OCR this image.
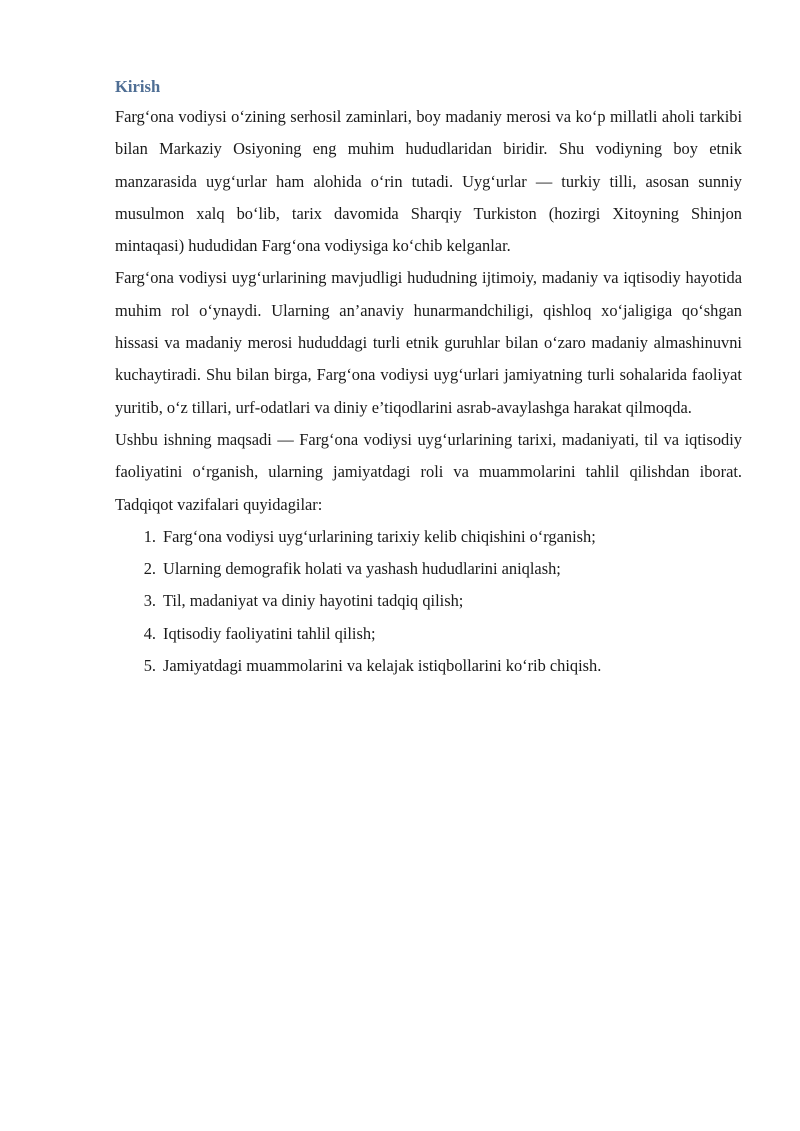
Kirish

Farg‘ona vodiysi o‘zining serhosil zaminlari, boy madaniy merosi va ko‘p millatli aholi tarkibi bilan Markaziy Osiyoning eng muhim hududlaridan biridir. Shu vodiyning boy etnik manzarasida uyg‘urlar ham alohida o‘rin tutadi. Uyg‘urlar — turkiy tilli, asosan sunniy musulmon xalq bo‘lib, tarix davomida Sharqiy Turkiston (hozirgi Xitoyning Shinjon mintaqasi) hududidan Farg‘ona vodiysiga ko‘chib kelganlar.

Farg‘ona vodiysi uyg‘urlarining mavjudligi hududning ijtimoiy, madaniy va iqtisodiy hayotida muhim rol o‘ynaydi. Ularning an’anaviy hunarmandchiligi, qishloq xo‘jaligiga qo‘shgan hissasi va madaniy merosi hududdagi turli etnik guruhlar bilan o‘zaro madaniy almashinuvni kuchaytiradi. Shu bilan birga, Farg‘ona vodiysi uyg‘urlari jamiyatning turli sohalarida faoliyat yuritib, o‘z tillari, urf-odatlari va diniy e’tiqodlarini asrab-avaylashga harakat qilmoqda.

Ushbu ishning maqsadi — Farg‘ona vodiysi uyg‘urlarining tarixi, madaniyati, til va iqtisodiy faoliyatini o‘rganish, ularning jamiyatdagi roli va muammolarini tahlil qilishdan iborat. Tadqiqot vazifalari quyidagilar:

1. Farg‘ona vodiysi uyg‘urlarining tarixiy kelib chiqishini o‘rganish;
2. Ularning demografik holati va yashash hududlarini aniqlash;
3. Til, madaniyat va diniy hayotini tadqiq qilish;
4. Iqtisodiy faoliyatini tahlil qilish;
5. Jamiyatdagi muammolarini va kelajak istiqbollarini ko‘rib chiqish.
